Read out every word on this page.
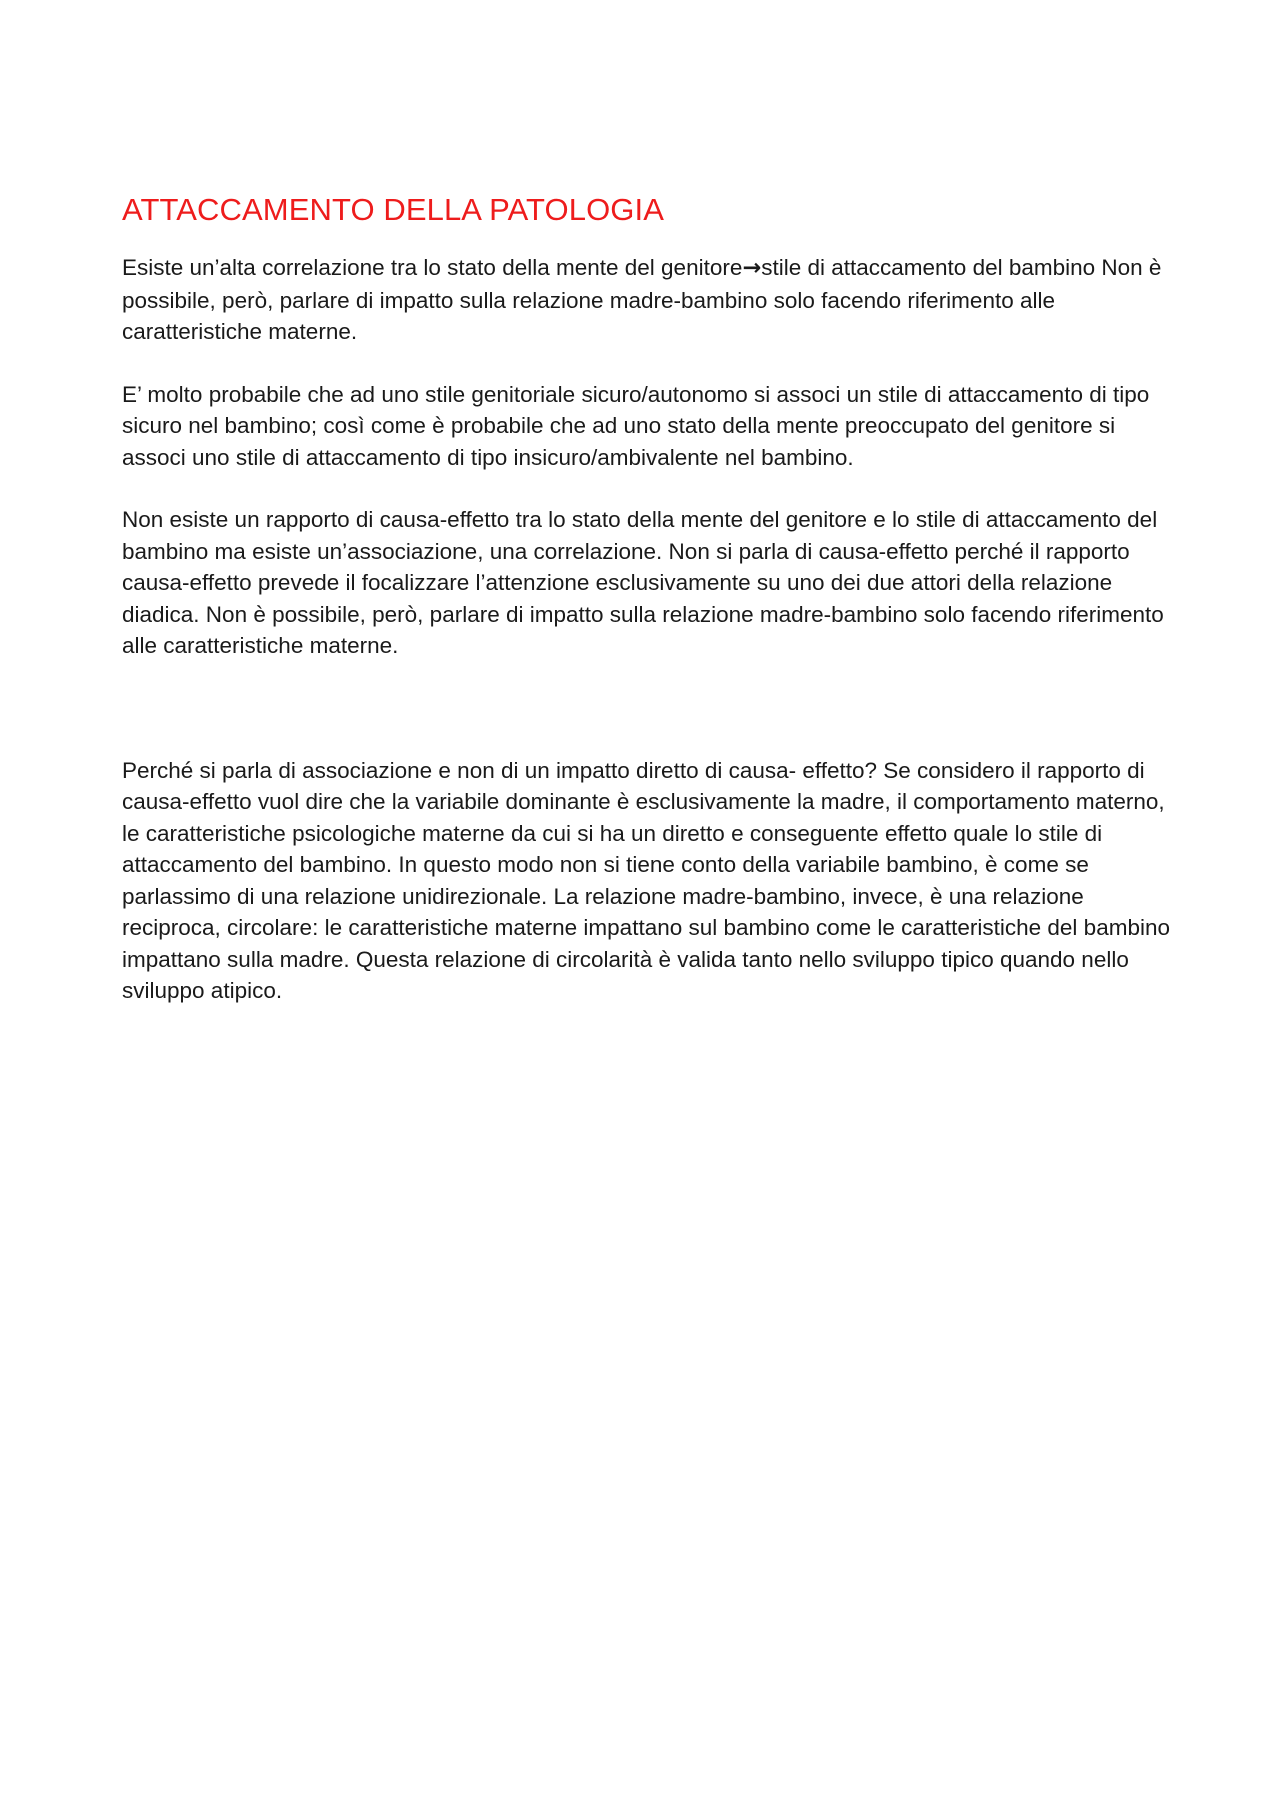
ATTACCAMENTO DELLA PATOLOGIA

Esiste un’alta correlazione tra lo stato della mente del genitore→stile di attaccamento del bambino Non è possibile, però, parlare di impatto sulla relazione madre-bambino solo facendo riferimento alle caratteristiche materne.

E’ molto probabile che ad uno stile genitoriale sicuro/autonomo si associ un stile di attaccamento di tipo sicuro nel bambino; così come è probabile che ad uno stato della mente preoccupato del genitore si associ uno stile di attaccamento di tipo insicuro/ambivalente nel bambino.

Non esiste un rapporto di causa-effetto tra lo stato della mente del genitore e lo stile di attaccamento del bambino ma esiste un’associazione, una correlazione. Non si parla di causa-effetto perché il rapporto causa-effetto prevede il focalizzare l’attenzione esclusivamente su uno dei due attori della relazione diadica. Non è possibile, però, parlare di impatto sulla relazione madre-bambino solo facendo riferimento alle caratteristiche materne.

Perché si parla di associazione e non di un impatto diretto di causa- effetto? Se considero il rapporto di causa-effetto vuol dire che la variabile dominante è esclusivamente la madre, il comportamento materno, le caratteristiche psicologiche materne da cui si ha un diretto e conseguente effetto quale lo stile di attaccamento del bambino. In questo modo non si tiene conto della variabile bambino, è come se parlassimo di una relazione unidirezionale. La relazione madre-bambino, invece, è una relazione reciproca, circolare: le caratteristiche materne impattano sul bambino come le caratteristiche del bambino impattano sulla madre. Questa relazione di circolarità è valida tanto nello sviluppo tipico quando nello sviluppo atipico.
